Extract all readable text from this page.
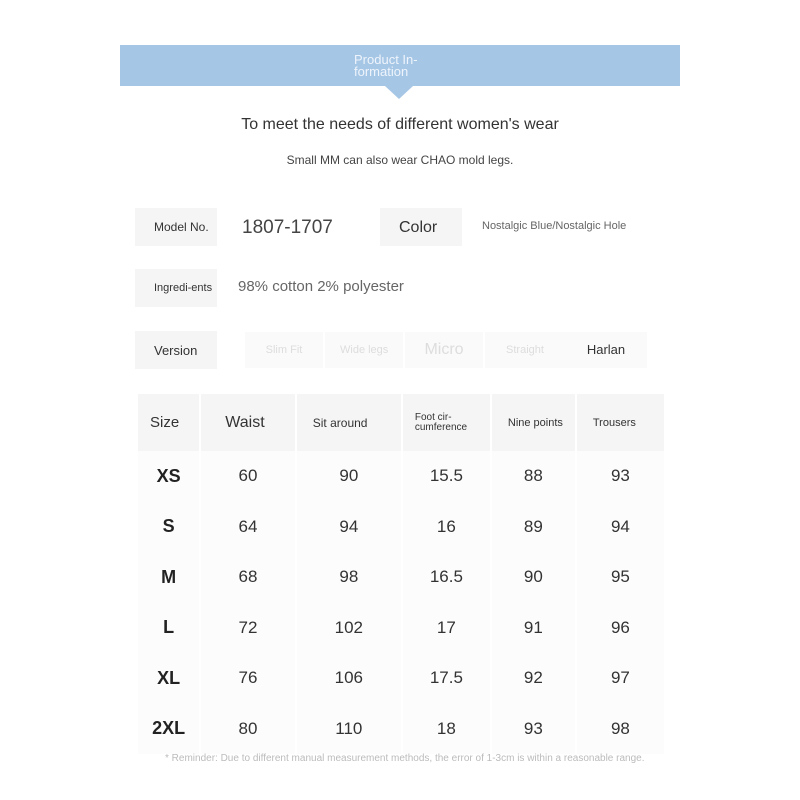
Product In-formation
To meet the needs of different women's wear
Small MM can also wear CHAO mold legs.
Model No.	1807-1707	Color	Nostalgic Blue/Nostalgic Hole
Ingredi-ents	98% cotton 2% polyester
Version	Slim Fit	Wide legs	Micro	Straight	Harlan
Size	Waist	Sit around	Foot cir-cumference	Nine points	Trousers
XS	60	90	15.5	88	93
S	64	94	16	89	94
M	68	98	16.5	90	95
L	72	102	17	91	96
XL	76	106	17.5	92	97
2XL	80	110	18	93	98
* Reminder: Due to different manual measurement methods, the error of 1-3cm is within a reasonable range.
